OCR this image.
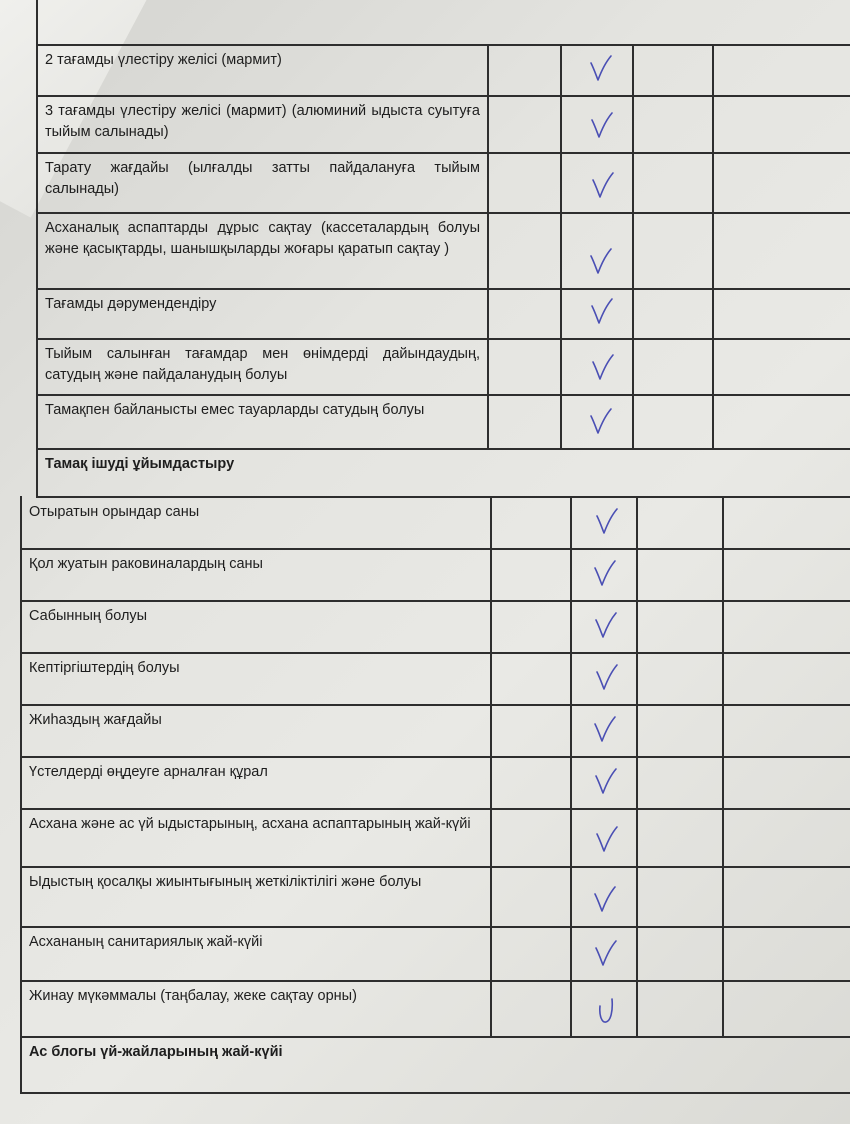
2 тағамды үлестіру желісі (мармит)
3 тағамды үлестіру желісі (мармит) (алюминий ыдыста суытуға тыйым салынады)
Тарату жағдайы (ылғалды затты пайдалануға тыйым салынады)
Асханалық аспаптарды дұрыс сақтау (кассеталардың болуы және қасықтарды, шанышқыларды жоғары қаратып сақтау )
Тағамды дәрумендендіру
Тыйым салынған тағамдар мен өнімдерді дайындаудың, сатудың және пайдаланудың болуы
Тамақпен байланысты емес тауарларды сатудың болуы
Тамақ ішуді ұйымдастыру
Отыратын орындар саны
Қол жуатын раковиналардың саны
Сабынның болуы
Кептіргіштердің болуы
Жиһаздың жағдайы
Үстелдерді өңдеуге арналған құрал
Асхана және ас үй ыдыстарының, асхана аспаптарының жай-күйі
Ыдыстың қосалқы жиынтығының жеткіліктілігі және болуы
Асхананың санитариялық жай-күйі
Жинау мүкәммалы (таңбалау, жеке сақтау орны)
Ас блогы үй-жайларының жай-күйі
